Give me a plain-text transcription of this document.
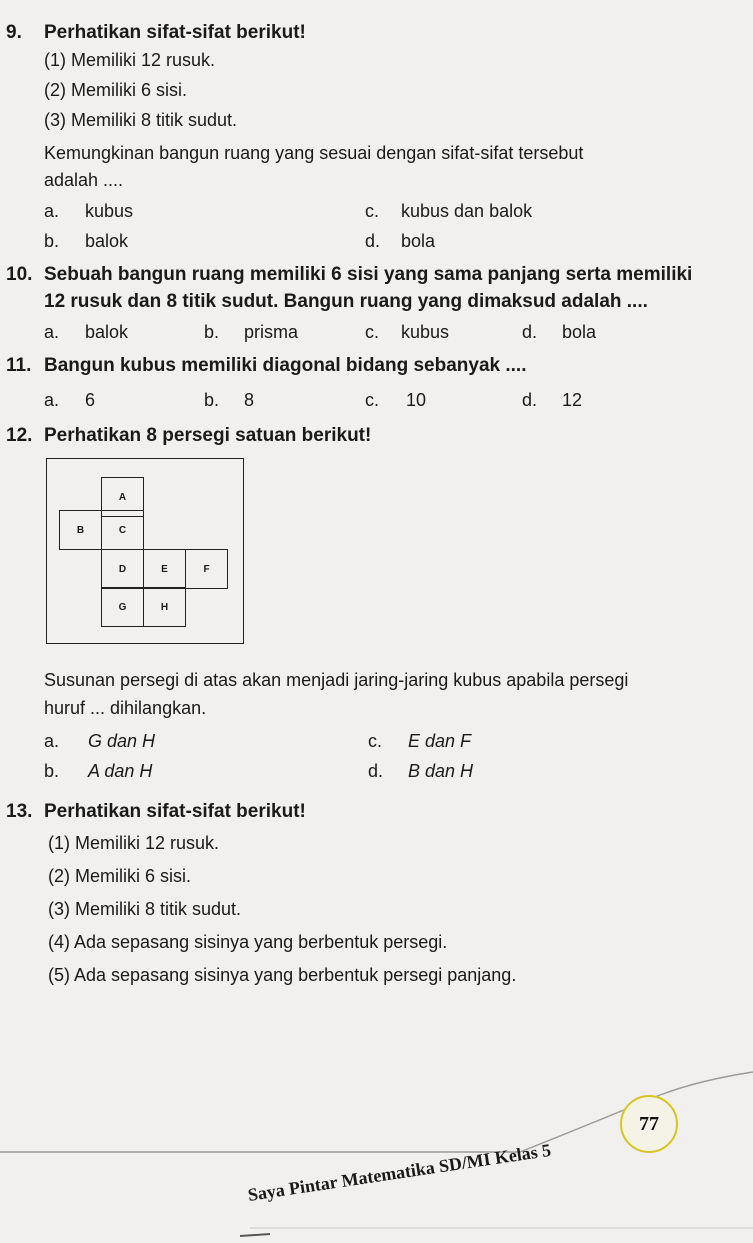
9. Perhatikan sifat-sifat berikut!
(1) Memiliki 12 rusuk.
(2) Memiliki 6 sisi.
(3) Memiliki 8 titik sudut.
Kemungkinan bangun ruang yang sesuai dengan sifat-sifat tersebut
adalah ....
a. kubus
b. balok
c. kubus dan balok
d. bola
10. Sebuah bangun ruang memiliki 6 sisi yang sama panjang serta memiliki
12 rusuk dan 8 titik sudut. Bangun ruang yang dimaksud adalah ....
a. balok	b. prisma	c. kubus	d. bola
11. Bangun kubus memiliki diagonal bidang sebanyak ....
a. 6	b. 8	c. 10	d. 12
12. Perhatikan 8 persegi satuan berikut!
A
B	C
D	E	F
G	H
Susunan persegi di atas akan menjadi jaring-jaring kubus apabila persegi
huruf ... dihilangkan.
a. G dan H
b. A dan H
c. E dan F
d. B dan H
13. Perhatikan sifat-sifat berikut!
(1) Memiliki 12 rusuk.
(2) Memiliki 6 sisi.
(3) Memiliki 8 titik sudut.
(4) Ada sepasang sisinya yang berbentuk persegi.
(5) Ada sepasang sisinya yang berbentuk persegi panjang.
77
Saya Pintar Matematika SD/MI Kelas 5
